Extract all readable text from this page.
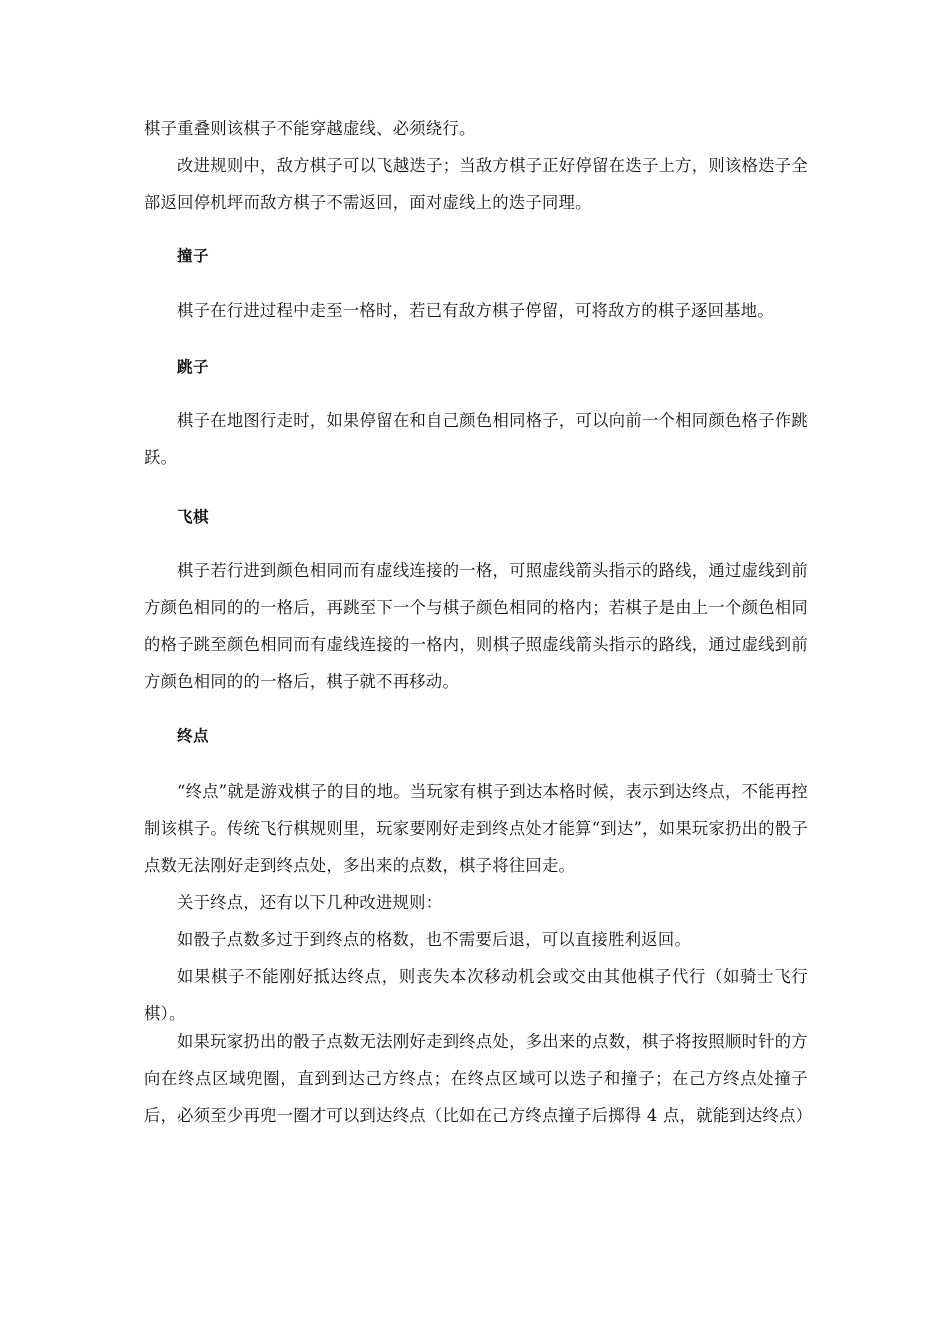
棋子重叠则该棋子不能穿越虚线、必须绕行。

改进规则中，敌方棋子可以飞越迭子；当敌方棋子正好停留在迭子上方，则该格迭子全部返回停机坪而敌方棋子不需返回，面对虚线上的迭子同理。

撞子

棋子在行进过程中走至一格时，若已有敌方棋子停留，可将敌方的棋子逐回基地。

跳子

棋子在地图行走时，如果停留在和自己颜色相同格子，可以向前一个相同颜色格子作跳跃。

飞棋

棋子若行进到颜色相同而有虚线连接的一格，可照虚线箭头指示的路线，通过虚线到前方颜色相同的的一格后，再跳至下一个与棋子颜色相同的格内；若棋子是由上一个颜色相同的格子跳至颜色相同而有虚线连接的一格内，则棋子照虚线箭头指示的路线，通过虚线到前方颜色相同的的一格后，棋子就不再移动。

终点

“终点”就是游戏棋子的目的地。当玩家有棋子到达本格时候，表示到达终点，不能再控制该棋子。传统飞行棋规则里，玩家要刚好走到终点处才能算“到达”，如果玩家扔出的骰子点数无法刚好走到终点处，多出来的点数，棋子将往回走。

关于终点，还有以下几种改进规则：

如骰子点数多过于到终点的格数，也不需要后退，可以直接胜利返回。

如果棋子不能刚好抵达终点，则丧失本次移动机会或交由其他棋子代行（如骑士飞行棋）。

如果玩家扔出的骰子点数无法刚好走到终点处，多出来的点数，棋子将按照顺时针的方向在终点区域兜圈，直到到达己方终点；在终点区域可以迭子和撞子；在己方终点处撞子后，必须至少再兜一圈才可以到达终点（比如在己方终点撞子后掷得 4 点，就能到达终点）
